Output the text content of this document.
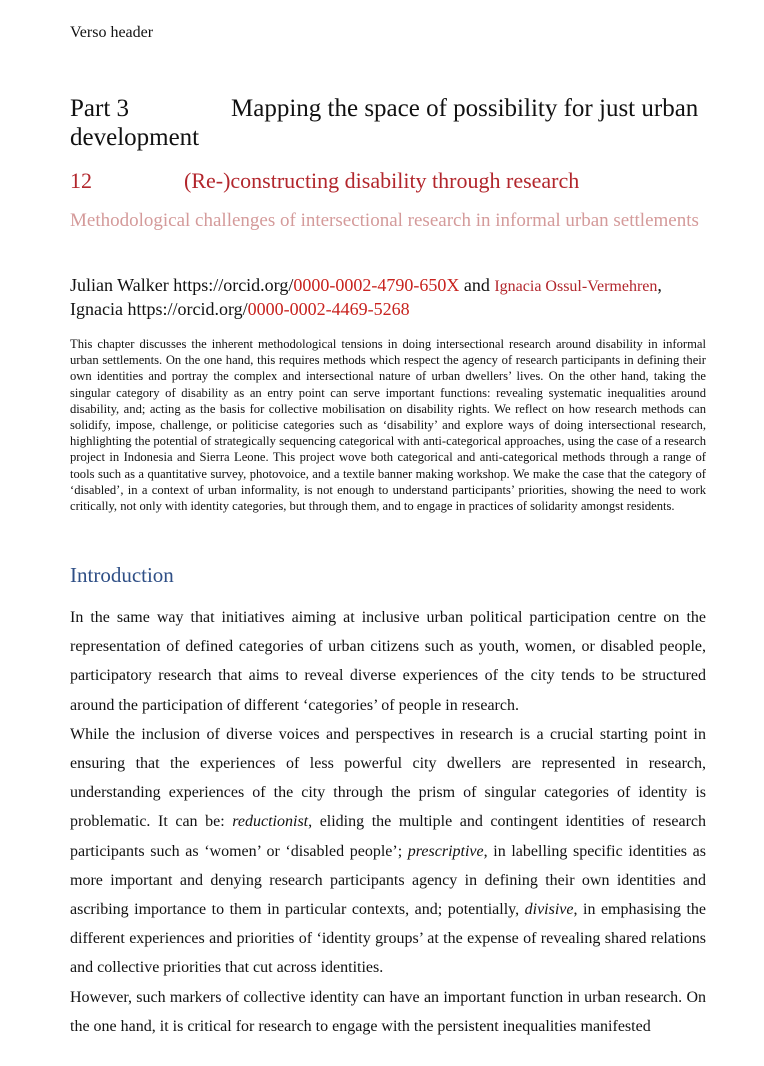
Verso header
Part 3	Mapping the space of possibility for just urban development
12	(Re-)constructing disability through research
Methodological challenges of intersectional research in informal urban settlements
Julian Walker https://orcid.org/0000-0002-4790-650X and Ignacia Ossul-Vermehren, Ignacia https://orcid.org/0000-0002-4469-5268

This chapter discusses the inherent methodological tensions in doing intersectional research around disability in informal urban settlements. On the one hand, this requires methods which respect the agency of research participants in defining their own identities and portray the complex and intersectional nature of urban dwellers’ lives. On the other hand, taking the singular category of disability as an entry point can serve important functions: revealing systematic inequalities around disability, and; acting as the basis for collective mobilisation on disability rights. We reflect on how research methods can solidify, impose, challenge, or politicise categories such as ‘disability’ and explore ways of doing intersectional research, highlighting the potential of strategically sequencing categorical with anti-categorical approaches, using the case of a research project in Indonesia and Sierra Leone. This project wove both categorical and anti-categorical methods through a range of tools such as a quantitative survey, photovoice, and a textile banner making workshop. We make the case that the category of ‘disabled’, in a context of urban informality, is not enough to understand participants’ priorities, showing the need to work critically, not only with identity categories, but through them, and to engage in practices of solidarity amongst residents.

Introduction

In the same way that initiatives aiming at inclusive urban political participation centre on the representation of defined categories of urban citizens such as youth, women, or disabled people, participatory research that aims to reveal diverse experiences of the city tends to be structured around the participation of different ‘categories’ of people in research.

While the inclusion of diverse voices and perspectives in research is a crucial starting point in ensuring that the experiences of less powerful city dwellers are represented in research, understanding experiences of the city through the prism of singular categories of identity is problematic. It can be: reductionist, eliding the multiple and contingent identities of research participants such as ‘women’ or ‘disabled people’; prescriptive, in labelling specific identities as more important and denying research participants agency in defining their own identities and ascribing importance to them in particular contexts, and; potentially, divisive, in emphasising the different experiences and priorities of ‘identity groups’ at the expense of revealing shared relations and collective priorities that cut across identities.

However, such markers of collective identity can have an important function in urban research. On the one hand, it is critical for research to engage with the persistent inequalities manifested
